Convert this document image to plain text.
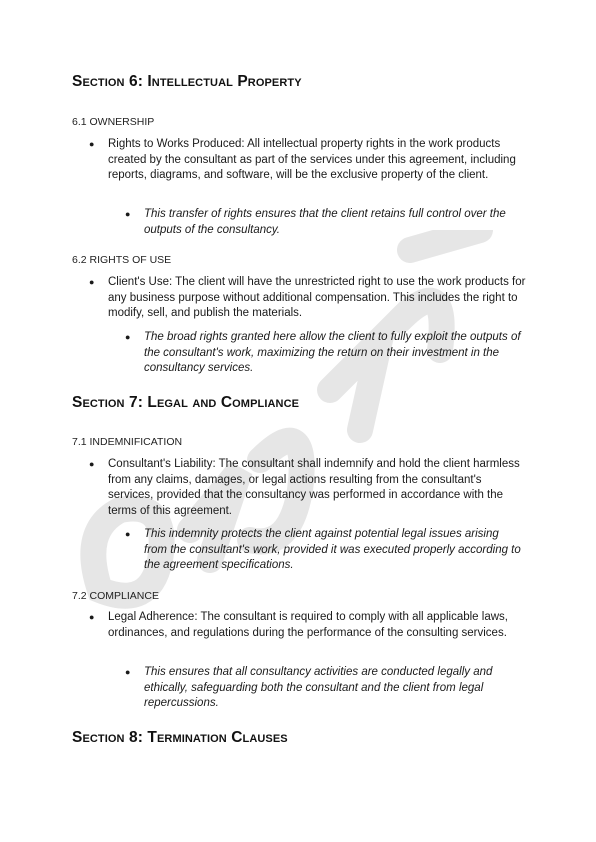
Section 6: Intellectual Property
6.1 OWNERSHIP

● Rights to Works Produced: All intellectual property rights in the work products created by the consultant as part of the services under this agreement, including reports, diagrams, and software, will be the exclusive property of the client.

● This transfer of rights ensures that the client retains full control over the outputs of the consultancy.

6.2 RIGHTS OF USE

● Client's Use: The client will have the unrestricted right to use the work products for any business purpose without additional compensation. This includes the right to modify, sell, and publish the materials.

● The broad rights granted here allow the client to fully exploit the outputs of the consultant's work, maximizing the return on their investment in the consultancy services.

Section 7: Legal and Compliance
7.1 INDEMNIFICATION

● Consultant's Liability: The consultant shall indemnify and hold the client harmless from any claims, damages, or legal actions resulting from the consultant's services, provided that the consultancy was performed in accordance with the terms of this agreement.

● This indemnity protects the client against potential legal issues arising from the consultant's work, provided it was executed properly according to the agreement specifications.

7.2 COMPLIANCE

● Legal Adherence: The consultant is required to comply with all applicable laws, ordinances, and regulations during the performance of the consulting services.

● This ensures that all consultancy activities are conducted legally and ethically, safeguarding both the consultant and the client from legal repercussions.

Section 8: Termination Clauses
